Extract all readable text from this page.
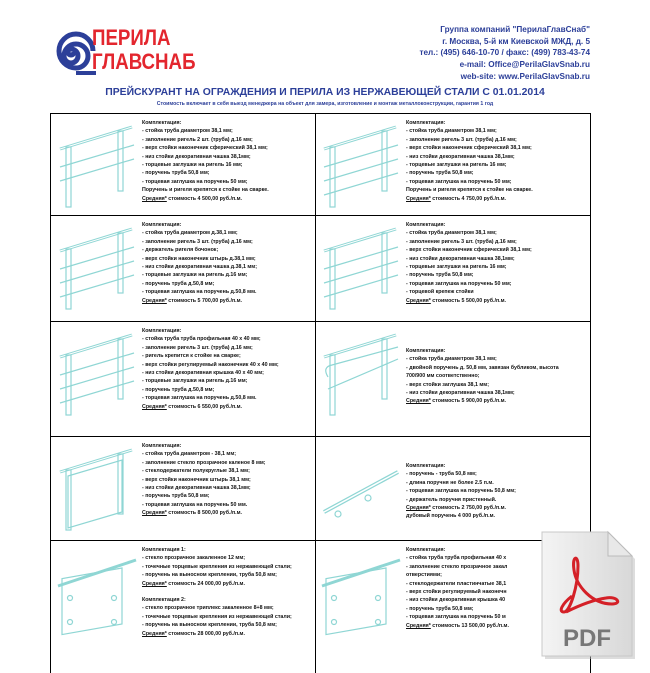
ПЕРИЛА
ГЛАВСНАБ
Группа компаний "ПерилаГлавСнаб"
г. Москва, 5-й км Киевской МЖД, д. 5
тел.: (495) 646-10-70 / факс: (499) 783-43-74
e-mail: Office@PerilaGlavSnab.ru
web-site: www.PerilaGlavSnab.ru
ПРЕЙСКУРАНТ НА ОГРАЖДЕНИЯ И ПЕРИЛА ИЗ НЕРЖАВЕЮЩЕЙ СТАЛИ С 01.01.2014
Стоимость включает в себя выезд менеджера на объект для замера, изготовление и монтаж металлоконструкции, гарантия 1 год
Комплектация:
- стойка труба диаметром 38,1 мм;
- заполнение ригель 2 шт. (труба) д.16 мм;
- верх стойки наконечник сферический 38,1 мм;
- низ стойки декоративная чашка 38,1мм;
- торцевые заглушки на ригель 16 мм;
- поручень труба 50,8 мм;
- торцевая заглушка на поручень 50 мм;
Поручень и ригеля крепятся к стойке на сварке.
Средняя* стоимость 4 500,00 руб./п.м.
Комплектация:
- стойка труба диаметром 38,1 мм;
- заполнение ригель 3 шт. (труба) д.16 мм;
- верх стойки наконечник сферический 38,1 мм;
- низ стойки декоративная чашка 38,1мм;
- торцевые заглушки на ригель 16 мм;
- поручень труба 50,8 мм;
- торцевая заглушка на поручень 50 мм;
Поручень и ригеля крепятся к стойке на сварке.
Средняя* стоимость 4 750,00 руб./п.м.
Комплектация:
- стойка труба диаметром д.38,1 мм;
- заполнение ригель 3 шт. (труба) д.16 мм;
- держатель ригеля бочонок;
- верх стойки наконечник штырь д.38,1 мм;
- низ стойки декоративная чашка д.38,1 мм;
- торцевые заглушки на ригель д.16 мм;
- поручень труба д.50,8 мм;
- торцевая заглушка на поручень д.50,8 мм.
Средняя* стоимость 5 700,00 руб./п.м.
Комплектация:
- стойка труба диаметром 38,1 мм;
- заполнение ригель 3 шт. (труба) д.16 мм;
- верх стойки наконечник сферический 38,1 мм;
- низ стойки декоративная чашка 38,1мм;
- торцевые заглушки на ригель 16 мм;
- поручень труба 50,8 мм;
- торцевая заглушка на поручень 50 мм;
- торцевой крепеж стойки
Средняя* стоимость 5 500,00 руб./п.м.
Комплектация:
- стойка труба труба профильная 40 х 40 мм;
- заполнение ригель 3 шт. (труба) д.16 мм;
- ригель крепится к стойке на сварке;
- верх стойки регулируемый наконечник 40 х 40 мм;
- низ стойки декоративная крышка 40 х 40 мм;
- торцевые заглушки на ригель д.16 мм;
- поручень труба д.50,8 мм;
- торцевая заглушка на поручень д.50,8 мм.
Средняя* стоимость 6 550,00 руб./п.м.
Комплектация:
- стойка труба диаметром 38,1 мм;
- двойной поручень д. 50,8 мм, завязан бубликом, высота 700/900 мм соответственно;
- верх стойки заглушка 38,1 мм;
- низ стойки декоративная чашка 38,1мм;
Средняя* стоимость 5 900,00 руб./п.м.
Комплектация:
- стойка труба диаметром - 38,1 мм;
- заполнение стекло прозрачное каленое 8 мм;
- стеклодержатели полукруглые 38,1 мм;
- верх стойки наконечник штырь 38,1 мм;
- низ стойки декоративная чашка 38,1мм;
- поручень труба 50,8 мм;
- торцевая заглушка на поручень 50 мм.
Средняя* стоимость 8 500,00 руб./п.м.
Комплектация:
- поручень - труба 50,8 мм;
- длина поручня не более 2.5 п.м.
- торцевая заглушка на поручень 50,8 мм;
- держатель поручня пристенный.
Средняя* стоимость 2 750,00 руб./п.м.
дубовый поручень 4 000 руб./п.м.
Комплектация 1:
- стекло прозрачное закаленное 12 мм;
- точечные торцевые крепления из нержавеющей стали;
- поручень на выносном креплении, труба 50,8 мм;
Средняя* стоимость 24 000,00 руб./п.м.
Комплектация 2:
- стекло прозрачное триплекс закаленное 8+8 мм;
- точечные торцевые крепления из нержавеющей стали;
- поручень на выносном креплении, труба 50,8 мм;
Средняя* стоимость 28 000,00 руб./п.м.
Комплектация:
- стойка труба труба профильная 40 х
- заполнение стекло прозрачное закал
отверстиями;
- стеклодержатели пластинчатые 38,1
- верх стойки регулируемый наконечн
- низ стойки декоративная крышка 40
- поручень труба 50,8 мм;
- торцевая заглушка на поручень 50 м
Средняя* стоимость 13 500,00 руб./п.м.	PDF
